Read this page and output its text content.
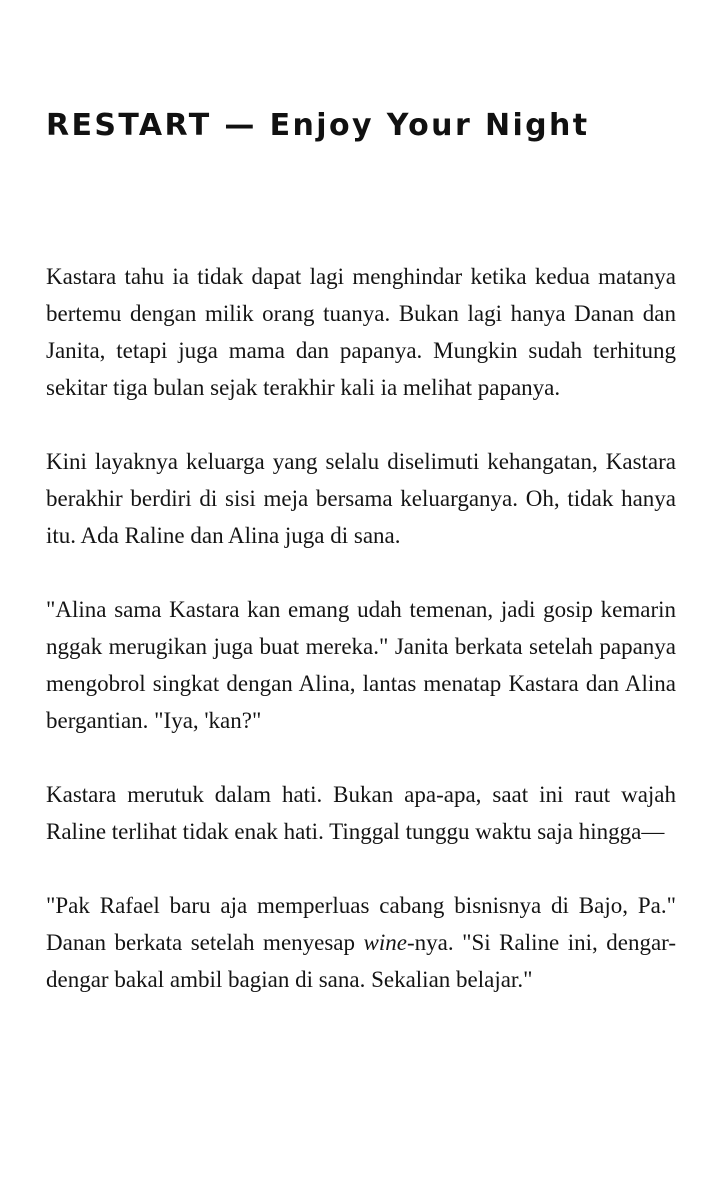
RESTART — Enjoy Your Night

Kastara tahu ia tidak dapat lagi menghindar ketika kedua matanya bertemu dengan milik orang tuanya. Bukan lagi hanya Danan dan Janita, tetapi juga mama dan papanya. Mungkin sudah terhitung sekitar tiga bulan sejak terakhir kali ia melihat papanya.

Kini layaknya keluarga yang selalu diselimuti kehangatan, Kastara berakhir berdiri di sisi meja bersama keluarganya. Oh, tidak hanya itu. Ada Raline dan Alina juga di sana.

"Alina sama Kastara kan emang udah temenan, jadi gosip kemarin nggak merugikan juga buat mereka." Janita berkata setelah papanya mengobrol singkat dengan Alina, lantas menatap Kastara dan Alina bergantian. "Iya, 'kan?"

Kastara merutuk dalam hati. Bukan apa-apa, saat ini raut wajah Raline terlihat tidak enak hati. Tinggal tunggu waktu saja hingga—

"Pak Rafael baru aja memperluas cabang bisnisnya di Bajo, Pa." Danan berkata setelah menyesap wine-nya. "Si Raline ini, dengar-dengar bakal ambil bagian di sana. Sekalian belajar."
